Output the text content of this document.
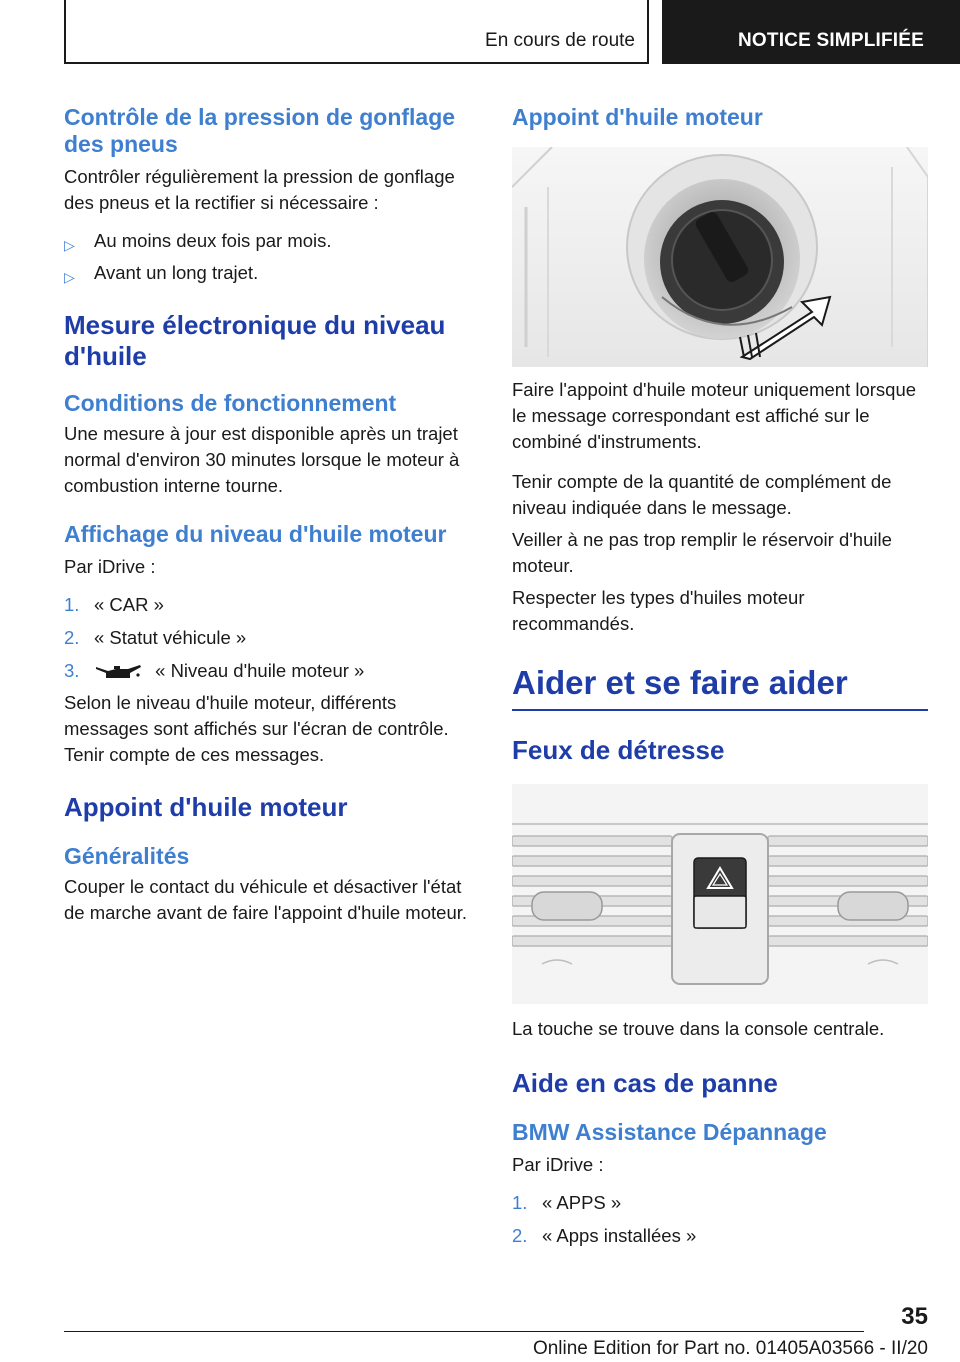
En cours de route	NOTICE SIMPLIFIÉE
Contrôle de la pression de gonflage des pneus
Contrôler régulièrement la pression de gonflage des pneus et la rectifier si nécessaire :
▷ Au moins deux fois par mois.
▷ Avant un long trajet.
Mesure électronique du niveau d'huile
Conditions de fonctionnement
Une mesure à jour est disponible après un trajet normal d'environ 30 minutes lorsque le moteur à combustion interne tourne.
Affichage du niveau d'huile moteur
Par iDrive :
1. « CAR »
2. « Statut véhicule »
3.	« Niveau d'huile moteur »
Selon le niveau d'huile moteur, différents messages sont affichés sur l'écran de contrôle. Tenir compte de ces messages.
Appoint d'huile moteur
Généralités
Couper le contact du véhicule et désactiver l'état de marche avant de faire l'appoint d'huile moteur.
Appoint d'huile moteur
Faire l'appoint d'huile moteur uniquement lorsque le message correspondant est affiché sur le combiné d'instruments.
Tenir compte de la quantité de complément de niveau indiquée dans le message.
Veiller à ne pas trop remplir le réservoir d'huile moteur.
Respecter les types d'huiles moteur recommandés.
Aider et se faire aider
Feux de détresse
La touche se trouve dans la console centrale.
Aide en cas de panne
BMW Assistance Dépannage
Par iDrive :
1. « APPS »
2. « Apps installées »
35
Online Edition for Part no. 01405A03566 - II/20
